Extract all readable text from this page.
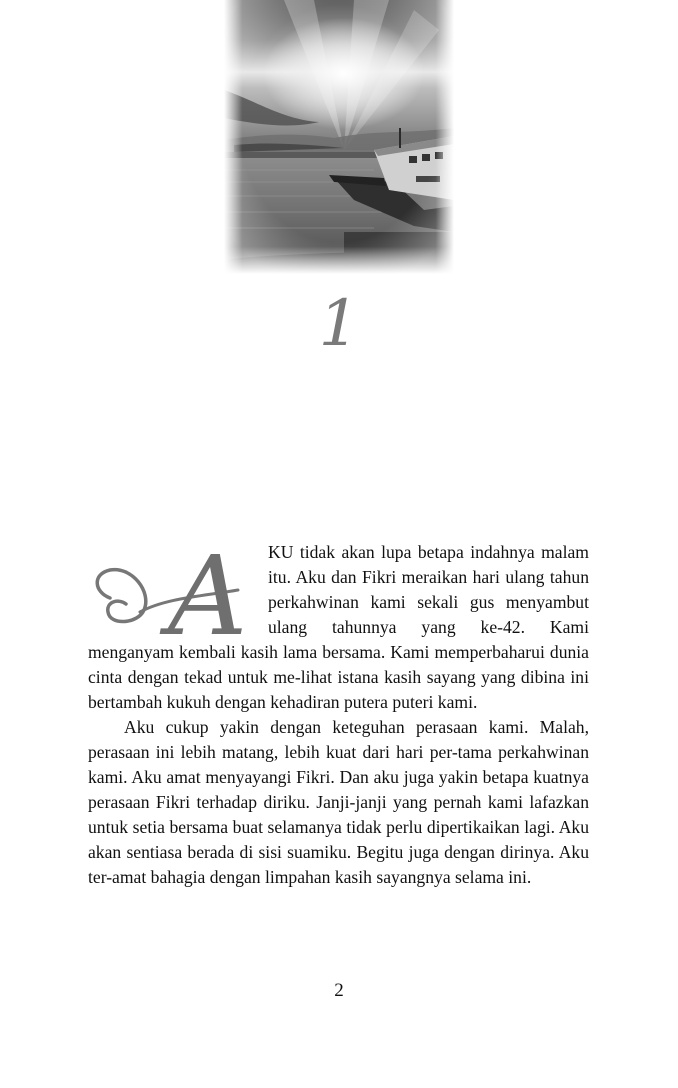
1

A KU tidak akan lupa betapa indahnya malam itu. Aku dan Fikri meraikan hari ulang tahun perkahwinan kami sekali gus menyambut ulang tahunnya yang ke-42. Kami menganyam kembali kasih lama bersama. Kami memperbaharui dunia cinta dengan tekad untuk me-lihat istana kasih sayang yang dibina ini bertambah kukuh dengan kehadiran putera puteri kami.

Aku cukup yakin dengan keteguhan perasaan kami. Malah, perasaan ini lebih matang, lebih kuat dari hari per-tama perkahwinan kami. Aku amat menyayangi Fikri. Dan aku juga yakin betapa kuatnya perasaan Fikri terhadap diriku. Janji-janji yang pernah kami lafazkan untuk setia bersama buat selamanya tidak perlu dipertikaikan lagi. Aku akan sentiasa berada di sisi suamiku. Begitu juga dengan dirinya. Aku ter-amat bahagia dengan limpahan kasih sayangnya selama ini.

2
